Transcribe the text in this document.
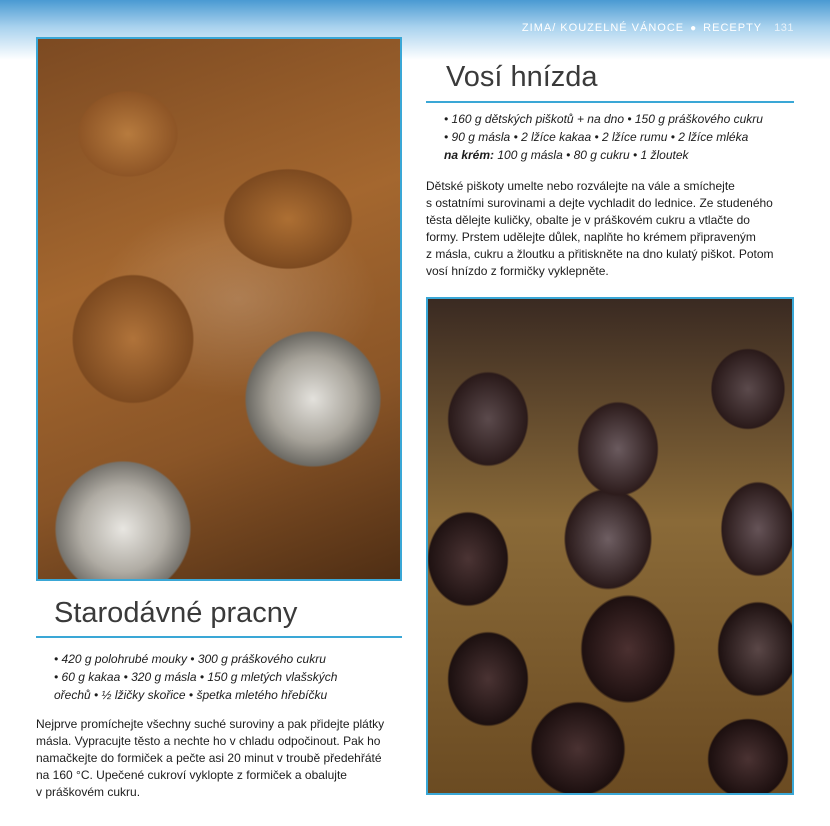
ZIMA/ KOUZELNÉ VÁNOCE ● RECEPTY 131
Vosí hnízda
• 160 g dětských piškotů + na dno • 150 g práškového cukru
• 90 g másla • 2 lžíce kakaa • 2 lžíce rumu • 2 lžíce mléka
na krém: 100 g másla • 80 g cukru • 1 žloutek
Dětské piškoty umelte nebo rozválejte na vále a smíchejte
s ostatními surovinami a dejte vychladit do lednice. Ze studeného
těsta dělejte kuličky, obalte je v práškovém cukru a vtlačte do
formy. Prstem udělejte důlek, naplňte ho krémem připraveným
z másla, cukru a žloutku a přitiskněte na dno kulatý piškot. Potom
vosí hnízdo z formičky vyklepněte.
Starodávné pracny
• 420 g polohrubé mouky • 300 g práškového cukru
• 60 g kakaa • 320 g másla • 150 g mletých vlašských
ořechů • ½ lžičky skořice • špetka mletého hřebíčku
Nejprve promíchejte všechny suché suroviny a pak přidejte plátky
másla. Vypracujte těsto a nechte ho v chladu odpočinout. Pak ho
namačkejte do formiček a pečte asi 20 minut v troubě předehřáté
na 160 °C. Upečené cukroví vyklopte z formiček a obalujte
v práškovém cukru.
